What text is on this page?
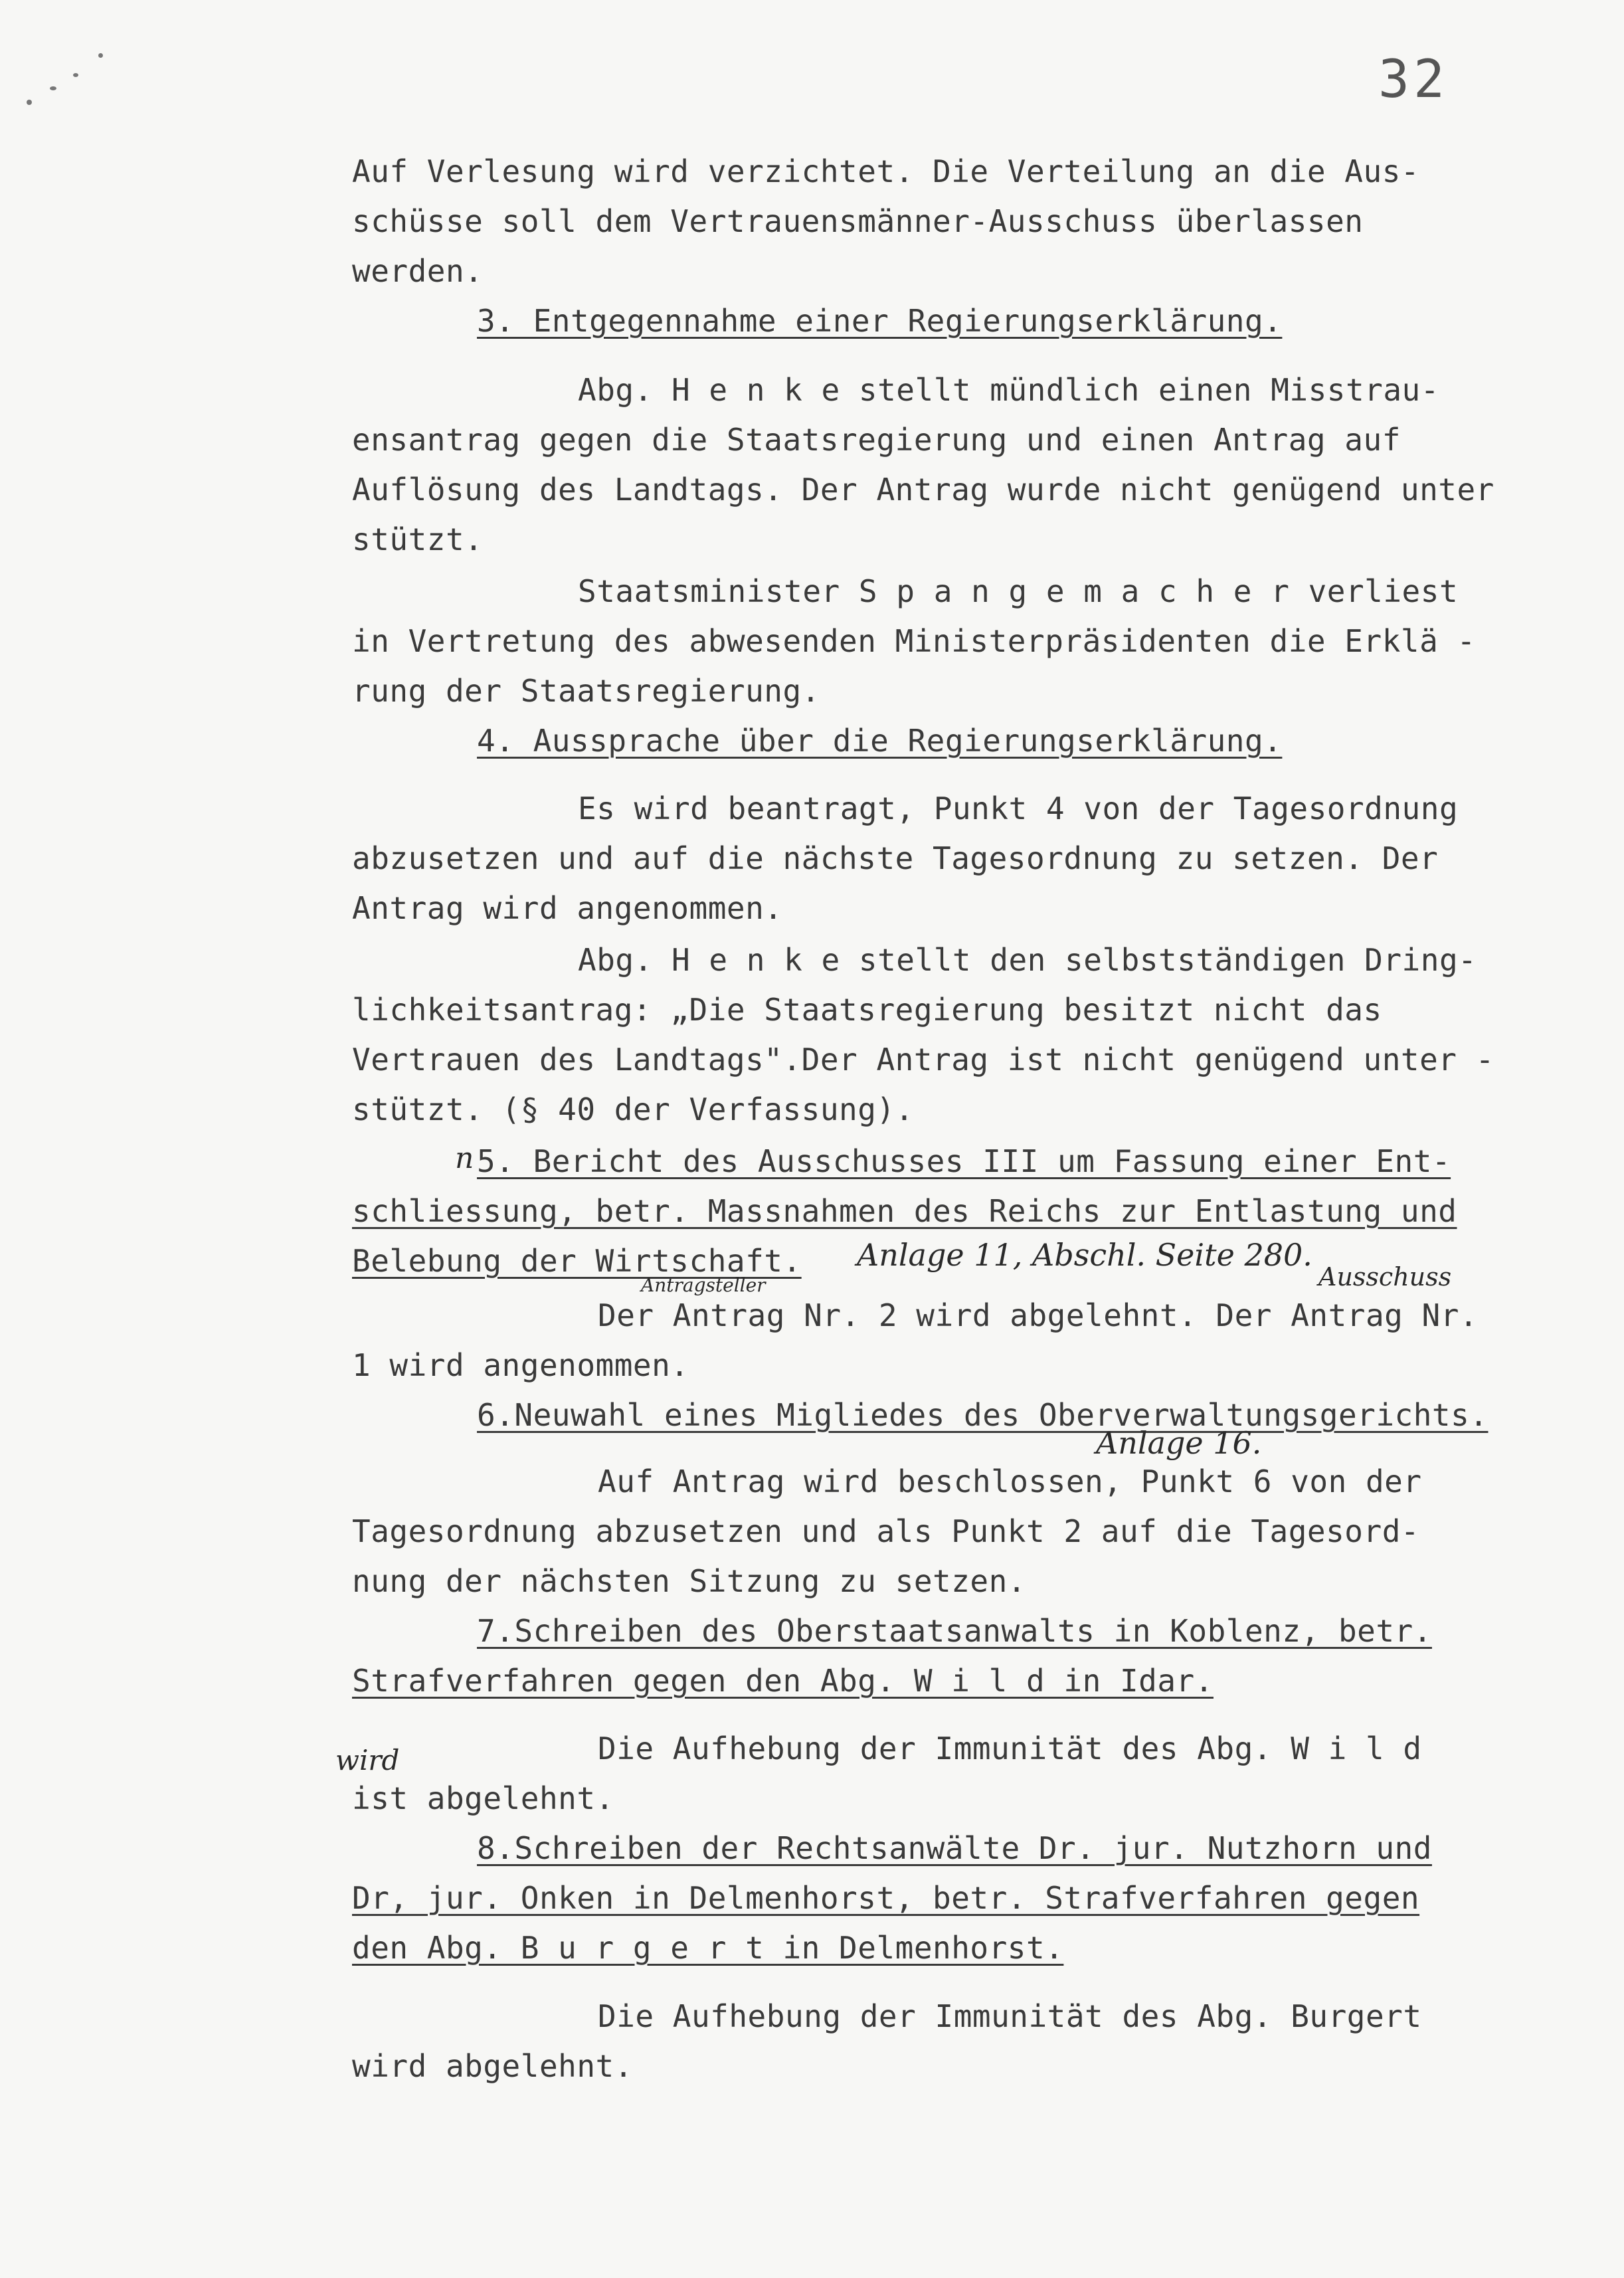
32
Auf Verlesung wird verzichtet. Die Verteilung an die Aus-
schüsse soll dem Vertrauensmänner-Ausschuss überlassen
werden.
3. Entgegennahme einer Regierungserklärung.
Abg. H e n k e stellt mündlich einen Misstrau-
ensantrag gegen die Staatsregierung und einen Antrag auf
Auflösung des Landtags. Der Antrag wurde nicht genügend unter
stützt.
Staatsminister S p a n g e m a c h e r verliest
in Vertretung des abwesenden Ministerpräsidenten die Erklä -
rung der Staatsregierung.
4. Aussprache über die Regierungserklärung.
Es wird beantragt, Punkt 4 von der Tagesordnung
abzusetzen und auf die nächste Tagesordnung zu setzen. Der
Antrag wird angenommen.
Abg. H e n k e stellt den selbstständigen Dring-
lichkeitsantrag: „Die Staatsregierung besitzt nicht das
Vertrauen des Landtags".Der Antrag ist nicht genügend unter -
stützt. (§ 40 der Verfassung).
n 5. Bericht des Ausschusses III um Fassung einer Ent-
schliessung, betr. Massnahmen des Reichs zur Entlastung und
Belebung der Wirtschaft. Anlage 11, Abschl. Seite 280.
Antragsteller	Ausschuss
Der Antrag Nr. 2 wird abgelehnt. Der Antrag Nr.
1 wird angenommen.
6.Neuwahl eines Migliedes des Oberverwaltungsgerichts.
Anlage 16.
Auf Antrag wird beschlossen, Punkt 6 von der
Tagesordnung abzusetzen und als Punkt 2 auf die Tagesord-
nung der nächsten Sitzung zu setzen.
7.Schreiben des Oberstaatsanwalts in Koblenz, betr.
Strafverfahren gegen den Abg. W i l d in Idar.
Die Aufhebung der Immunität des Abg. W i l d
wird
ist abgelehnt.
8.Schreiben der Rechtsanwälte Dr. jur. Nutzhorn und
Dr, jur. Onken in Delmenhorst, betr. Strafverfahren gegen
den Abg. B u r g e r t in Delmenhorst.
Die Aufhebung der Immunität des Abg. Burgert
wird abgelehnt.
